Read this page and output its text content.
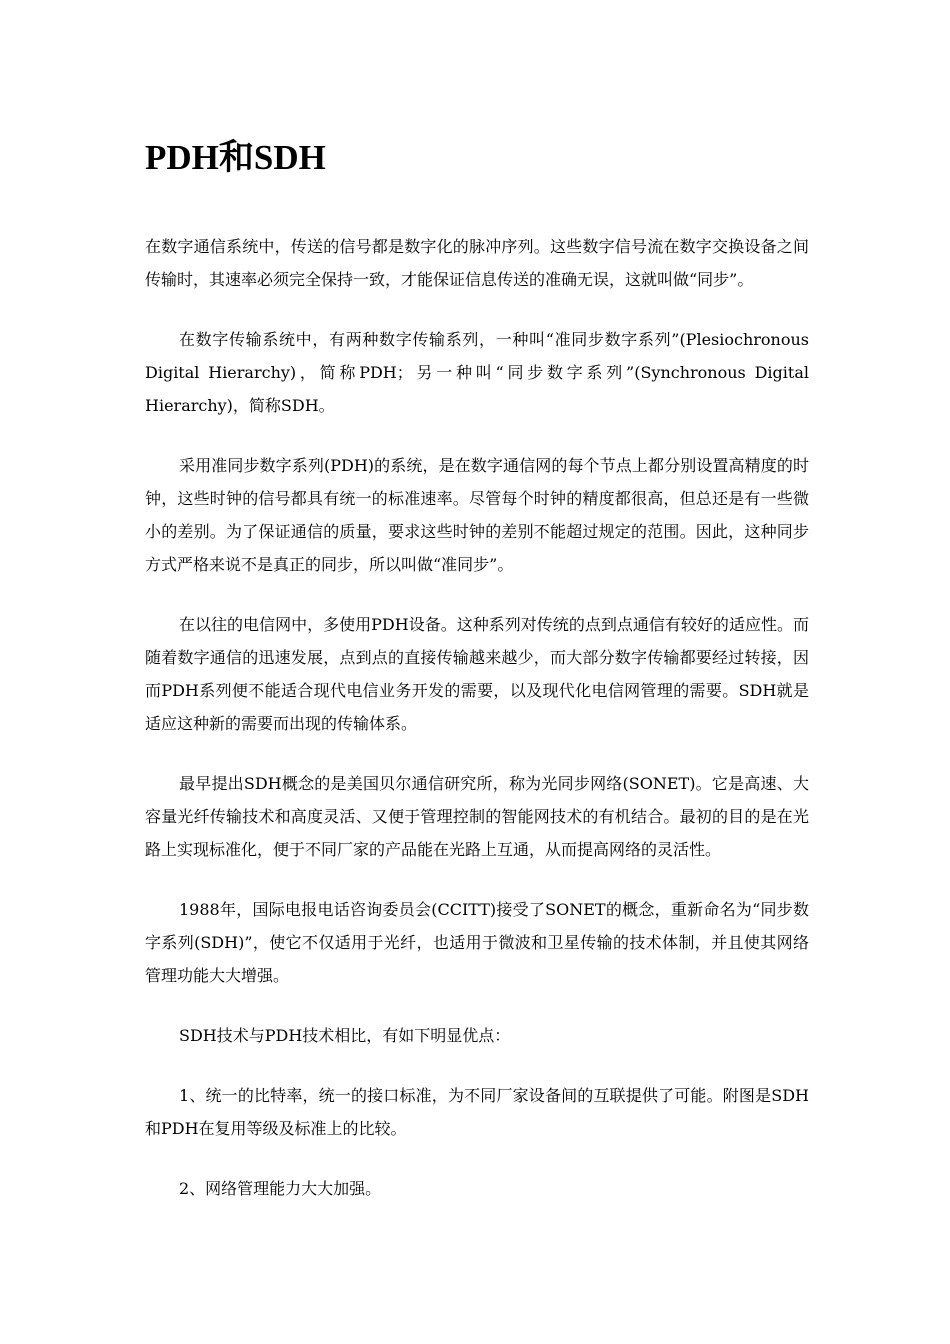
PDH和SDH

在数字通信系统中，传送的信号都是数字化的脉冲序列。这些数字信号流在数字交换设备之间传输时，其速率必须完全保持一致，才能保证信息传送的准确无误，这就叫做“同步”。

在数字传输系统中，有两种数字传输系列，一种叫“准同步数字系列”(Plesiochronous Digital Hierarchy)，简称PDH；另一种叫“同步数字系列”(Synchronous Digital Hierarchy)，简称SDH。

采用准同步数字系列(PDH)的系统，是在数字通信网的每个节点上都分别设置高精度的时钟，这些时钟的信号都具有统一的标准速率。尽管每个时钟的精度都很高，但总还是有一些微小的差别。为了保证通信的质量，要求这些时钟的差别不能超过规定的范围。因此，这种同步方式严格来说不是真正的同步，所以叫做“准同步”。

在以往的电信网中，多使用PDH设备。这种系列对传统的点到点通信有较好的适应性。而随着数字通信的迅速发展，点到点的直接传输越来越少，而大部分数字传输都要经过转接，因而PDH系列便不能适合现代电信业务开发的需要，以及现代化电信网管理的需要。SDH就是适应这种新的需要而出现的传输体系。

最早提出SDH概念的是美国贝尔通信研究所，称为光同步网络(SONET)。它是高速、大容量光纤传输技术和高度灵活、又便于管理控制的智能网技术的有机结合。最初的目的是在光路上实现标准化，便于不同厂家的产品能在光路上互通，从而提高网络的灵活性。

1988年，国际电报电话咨询委员会(CCITT)接受了SONET的概念，重新命名为“同步数字系列(SDH)”，使它不仅适用于光纤，也适用于微波和卫星传输的技术体制，并且使其网络管理功能大大增强。

SDH技术与PDH技术相比，有如下明显优点：

1、统一的比特率，统一的接口标准，为不同厂家设备间的互联提供了可能。附图是SDH和PDH在复用等级及标准上的比较。

2、网络管理能力大大加强。
